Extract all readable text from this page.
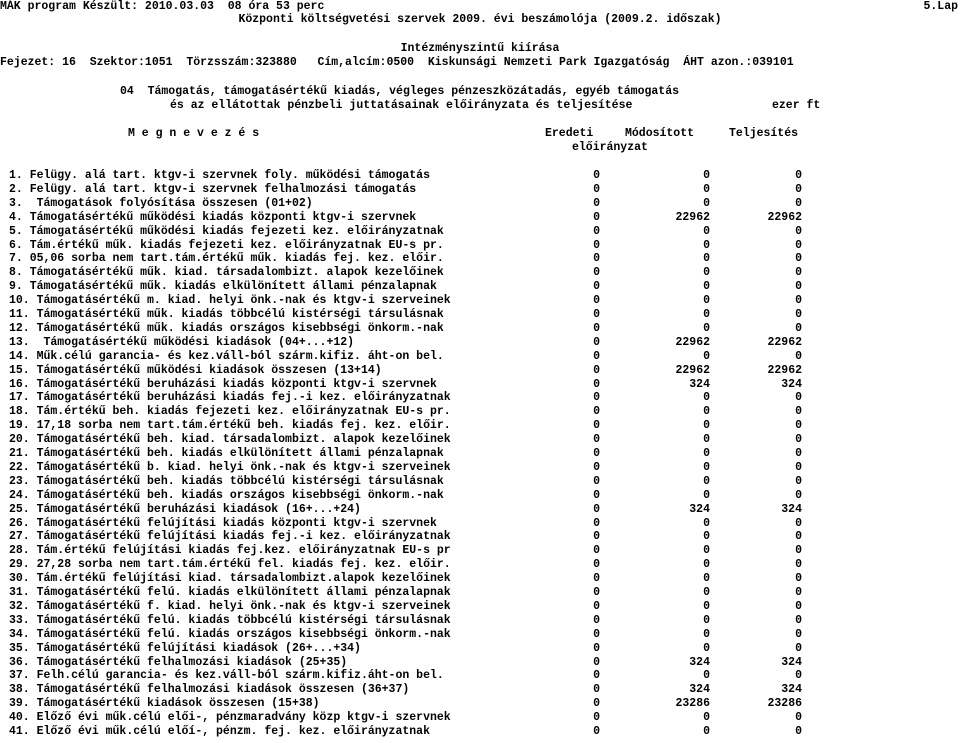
MÁK program Készült: 2010.03.03  08 óra 53 perc	5.Lap
Központi költségvetési szervek 2009. évi beszámolója (2009.2. időszak)
Intézményszintű kiírása
Fejezet: 16  Szektor:1051  Törzsszám:323880   Cím,alcím:0500  Kiskunsági Nemzeti Park Igazgatóság  ÁHT azon.:039101
04  Támogatás, támogatásértékű kiadás, végleges pénzeszközátadás, egyéb támogatás
és az ellátottak pénzbeli juttatásainak előirányzata és teljesítése	ezer ft
M e g n e v e z é s	Eredeti	Módosított	Teljesítés
előirányzat
1. Felügy. alá tart. ktgv-i szervnek foly. működési támogatás	0	0	0
2. Felügy. alá tart. ktgv-i szervnek felhalmozási támogatás	0	0	0
3.  Támogatások folyósítása összesen (01+02)	0	0	0
4. Támogatásértékű működési kiadás központi ktgv-i szervnek	0	22962	22962
5. Támogatásértékű működési kiadás fejezeti kez. előirányzatnak	0	0	0
6. Tám.értékű műk. kiadás fejezeti kez. előirányzatnak EU-s pr.	0	0	0
7. 05,06 sorba nem tart.tám.értékű műk. kiadás fej. kez. előir.	0	0	0
8. Támogatásértékű műk. kiad. társadalombizt. alapok kezelőinek	0	0	0
9. Támogatásértékű műk. kiadás elkülönített állami pénzalapnak	0	0	0
10. Támogatásértékű m. kiad. helyi önk.-nak és ktgv-i szerveinek	0	0	0
11. Támogatásértékű műk. kiadás többcélú kistérségi társulásnak	0	0	0
12. Támogatásértékű műk. kiadás országos kisebbségi önkorm.-nak	0	0	0
13.  Támogatásértékű működési kiadások (04+...+12)	0	22962	22962
14. Műk.célú garancia- és kez.váll-ból szárm.kifiz. áht-on bel.	0	0	0
15. Támogatásértékű működési kiadások összesen (13+14)	0	22962	22962
16. Támogatásértékű beruházási kiadás központi ktgv-i szervnek	0	324	324
17. Támogatásértékű beruházási kiadás fej.-i kez. előirányzatnak	0	0	0
18. Tám.értékű beh. kiadás fejezeti kez. előirányzatnak EU-s pr.	0	0	0
19. 17,18 sorba nem tart.tám.értékű beh. kiadás fej. kez. előir.	0	0	0
20. Támogatásértékű beh. kiad. társadalombizt. alapok kezelőinek	0	0	0
21. Támogatásértékű beh. kiadás elkülönített állami pénzalapnak	0	0	0
22. Támogatásértékű b. kiad. helyi önk.-nak és ktgv-i szerveinek	0	0	0
23. Támogatásértékű beh. kiadás többcélú kistérségi társulásnak	0	0	0
24. Támogatásértékű beh. kiadás országos kisebbségi önkorm.-nak	0	0	0
25. Támogatásértékű beruházási kiadások (16+...+24)	0	324	324
26. Támogatásértékű felújítási kiadás központi ktgv-i szervnek	0	0	0
27. Támogatásértékű felújítási kiadás fej.-i kez. előirányzatnak	0	0	0
28. Tám.értékű felújítási kiadás fej.kez. előirányzatnak EU-s pr	0	0	0
29. 27,28 sorba nem tart.tám.értékű fel. kiadás fej. kez. előir.	0	0	0
30. Tám.értékű felújítási kiad. társadalombizt.alapok kezelőinek	0	0	0
31. Támogatásértékű felú. kiadás elkülönített állami pénzalapnak	0	0	0
32. Támogatásértékű f. kiad. helyi önk.-nak és ktgv-i szerveinek	0	0	0
33. Támogatásértékű felú. kiadás többcélú kistérségi társulásnak	0	0	0
34. Támogatásértékű felú. kiadás országos kisebbségi önkorm.-nak	0	0	0
35. Támogatásértékű felújítási kiadások (26+...+34)	0	0	0
36. Támogatásértékű felhalmozási kiadások (25+35)	0	324	324
37. Felh.célú garancia- és kez.váll-ból szárm.kifiz.áht-on bel.	0	0	0
38. Támogatásértékű felhalmozási kiadások összesen (36+37)	0	324	324
39. Támogatásértékű kiadások összesen (15+38)	0	23286	23286
40. Előző évi műk.célú elői-, pénzmaradvány közp ktgv-i szervnek	0	0	0
41. Előző évi műk.célú előí-, pénzm. fej. kez. előirányzatnak	0	0	0
